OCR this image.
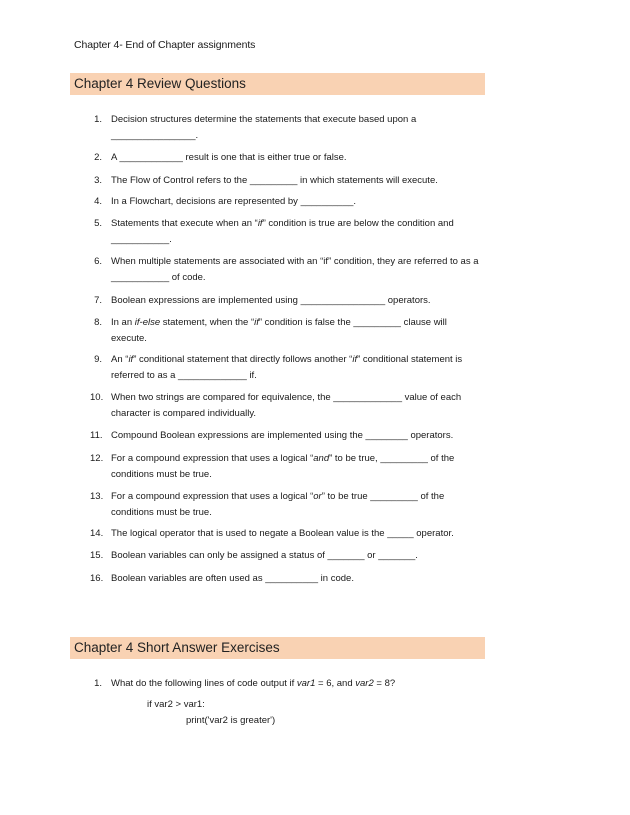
Chapter 4- End of Chapter assignments
Chapter 4 Review Questions
1. Decision structures determine the statements that execute based upon a ________________.
2. A ____________ result is one that is either true or false.
3. The Flow of Control refers to the _________ in which statements will execute.
4. In a Flowchart, decisions are represented by __________.
5. Statements that execute when an “if” condition is true are below the condition and ___________.
6. When multiple statements are associated with an “if” condition, they are referred to as a ___________ of code.
7. Boolean expressions are implemented using ________________ operators.
8. In an if-else statement, when the “if” condition is false the _________ clause will execute.
9. An “if” conditional statement that directly follows another “if” conditional statement is referred to as a _____________ if.
10. When two strings are compared for equivalence, the _____________ value of each character is compared individually.
11. Compound Boolean expressions are implemented using the ________ operators.
12. For a compound expression that uses a logical “and” to be true, _________ of the conditions must be true.
13. For a compound expression that uses a logical “or” to be true _________ of the conditions must be true.
14. The logical operator that is used to negate a Boolean value is the _____ operator.
15. Boolean variables can only be assigned a status of _______ or _______.
16. Boolean variables are often used as __________ in code.
Chapter 4 Short Answer Exercises
1. What do the following lines of code output if var1 = 6, and var2 = 8?
if var2 > var1:
print('var2 is greater')
